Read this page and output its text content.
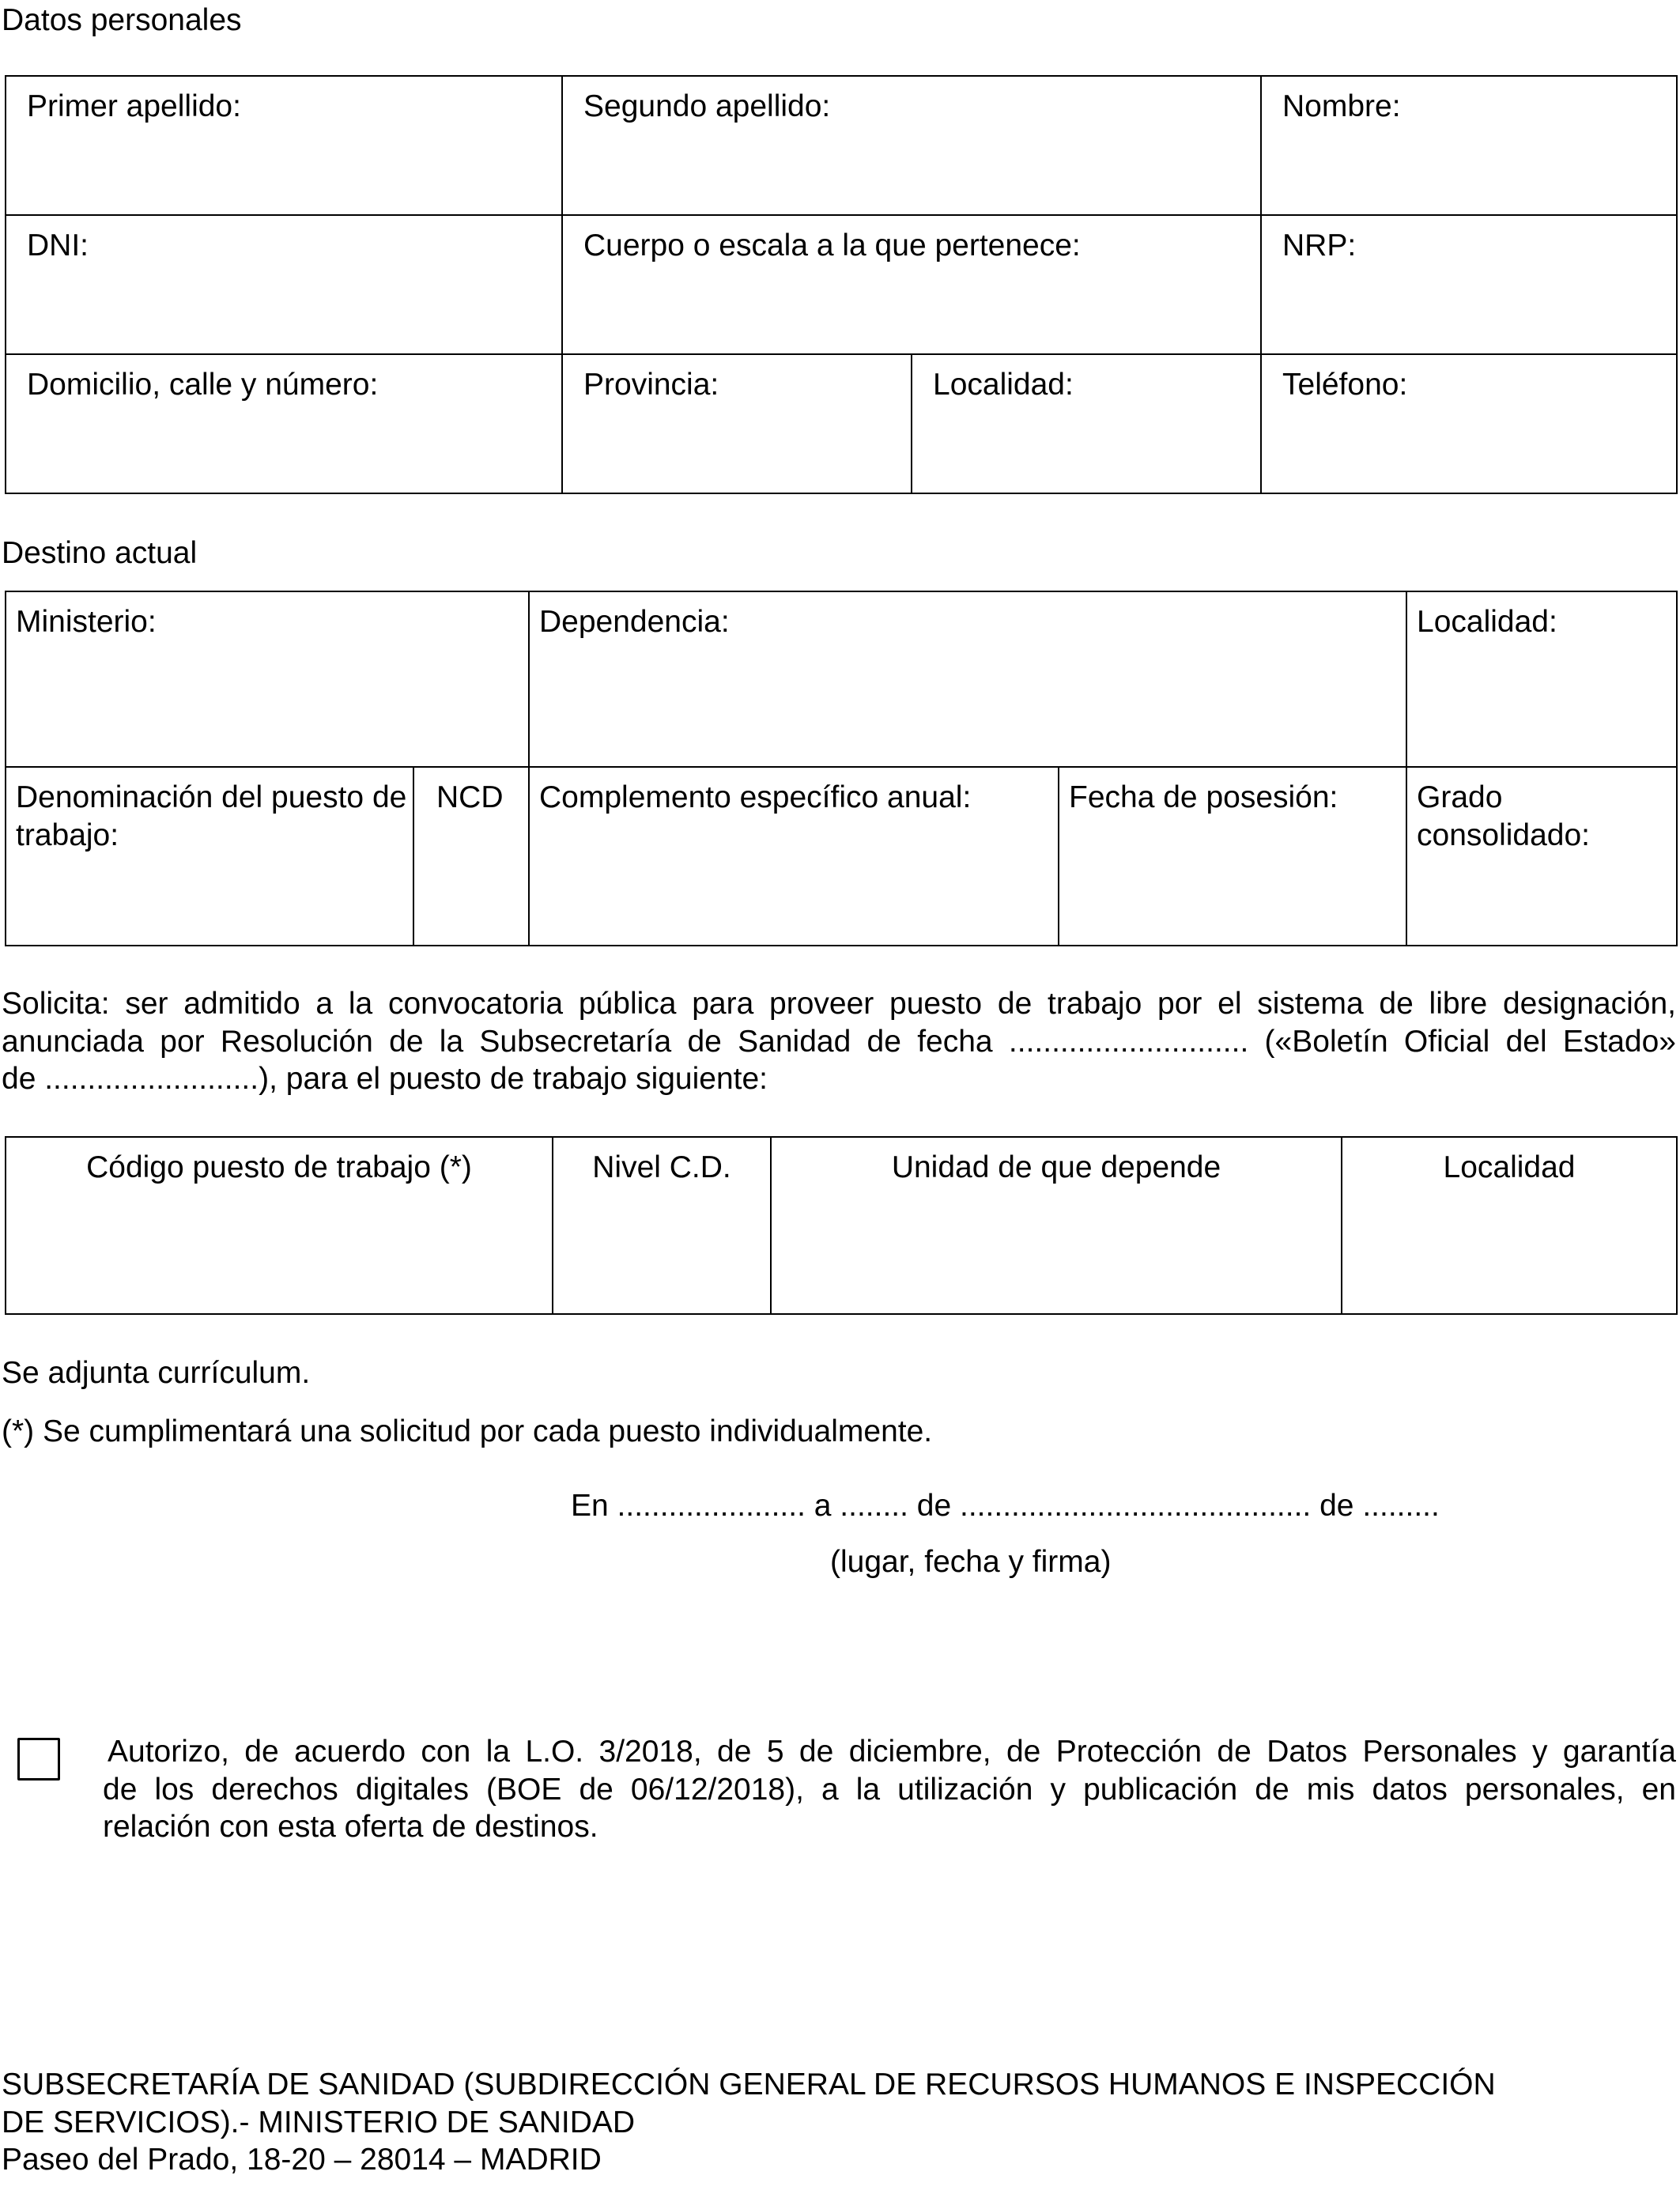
Datos personales
Primer apellido:	Segundo apellido:		Nombre:

DNI:	Cuerpo o escala a la que pertenece:		NRP:

Domicilio, calle y número:	Provincia:	Localidad:	Teléfono:
Destino actual
Ministerio:		Dependencia:		Localidad:

Denominación del puesto de trabajo:	NCD	Complemento específico anual:	Fecha de posesión:	Grado consolidado:
Solicita: ser admitido a la convocatoria pública para proveer puesto de trabajo por el sistema de libre designación,
anunciada por Resolución de la Subsecretaría de Sanidad de fecha ............................ («Boletín Oficial del Estado»
de .........................), para el puesto de trabajo siguiente:
Código puesto de trabajo (*)	Nivel C.D.	Unidad de que depende	Localidad
Se adjunta currículum.
(*) Se cumplimentará una solicitud por cada puesto individualmente.
En ...................... a ........ de ......................................... de .........
(lugar, fecha y firma)
Autorizo, de acuerdo con la L.O. 3/2018, de 5 de diciembre, de Protección de Datos Personales y garantía
de los derechos digitales (BOE de 06/12/2018), a la utilización y publicación de mis datos personales, en
relación con esta oferta de destinos.
SUBSECRETARÍA DE SANIDAD (SUBDIRECCIÓN GENERAL DE RECURSOS HUMANOS E INSPECCIÓN
DE SERVICIOS).- MINISTERIO DE SANIDAD
Paseo del Prado, 18-20 – 28014 – MADRID
